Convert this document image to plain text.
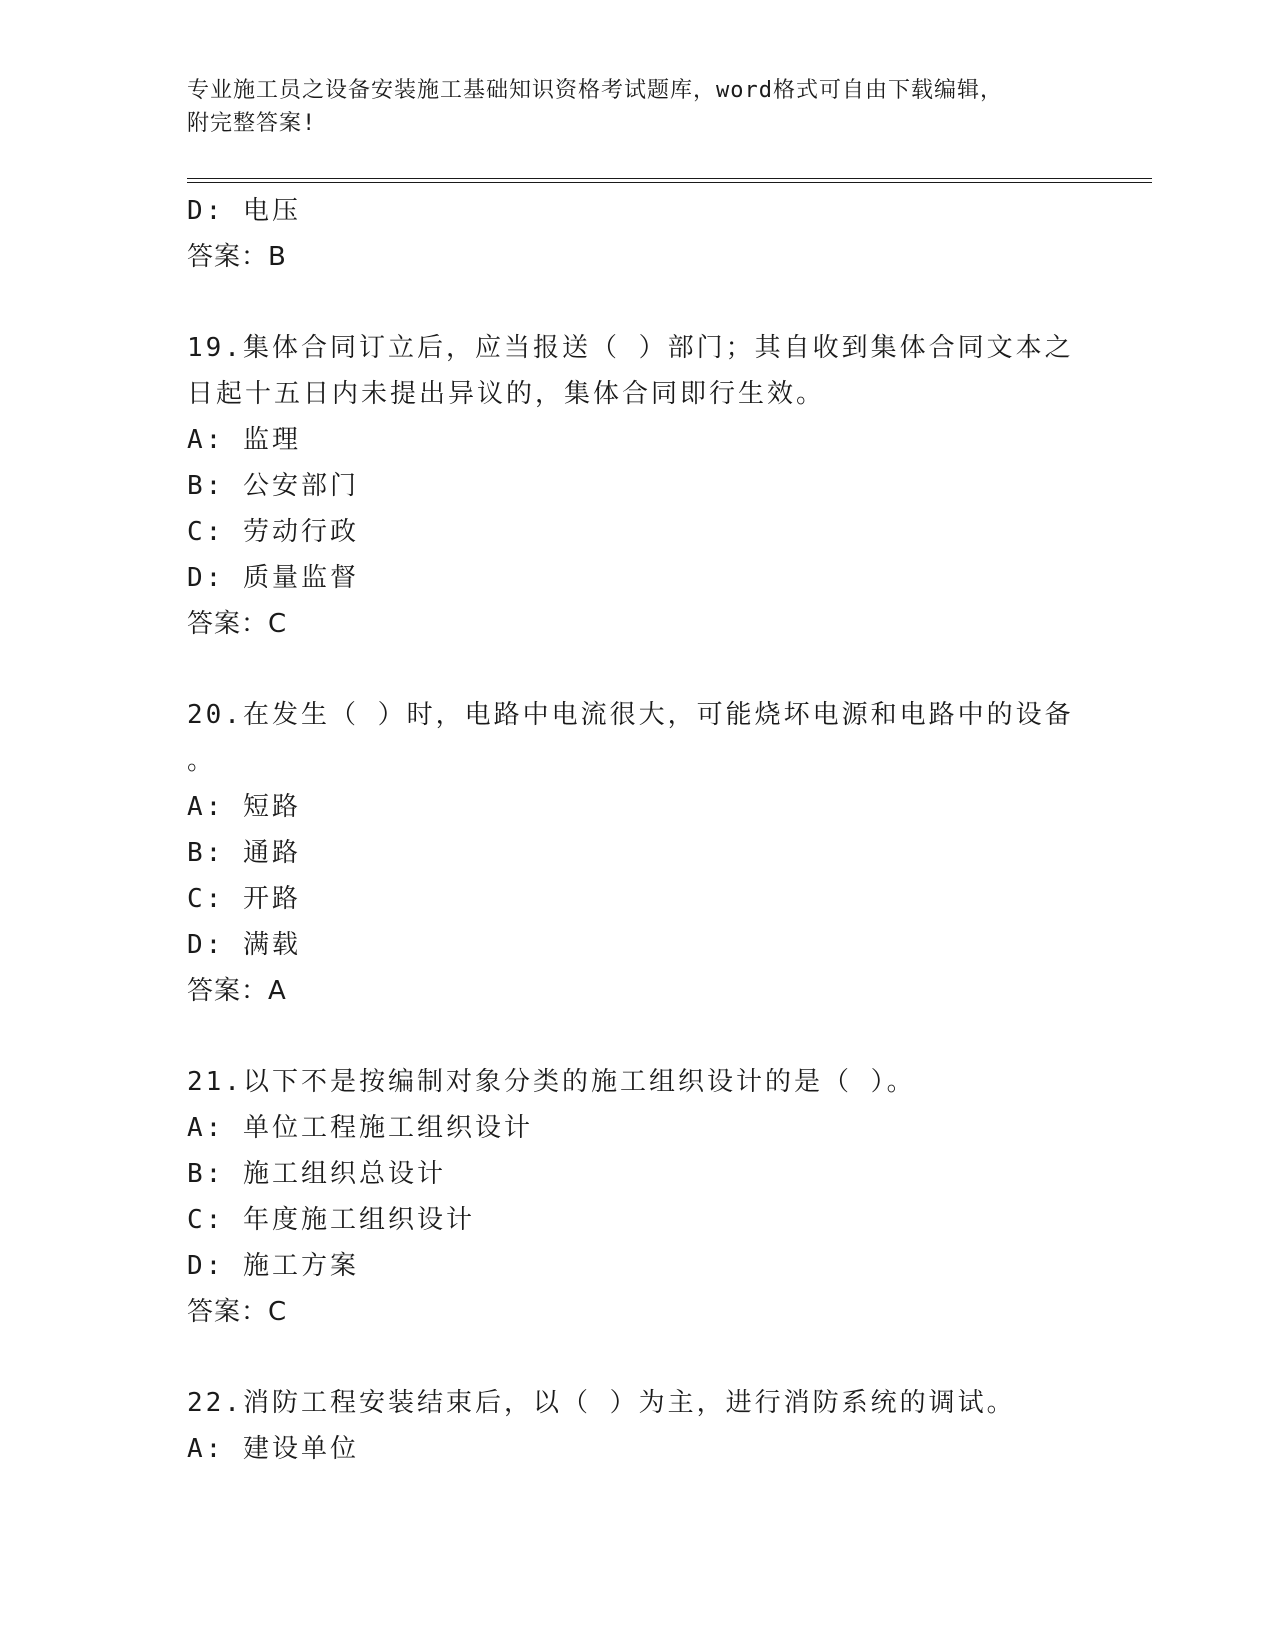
专业施工员之设备安装施工基础知识资格考试题库，word格式可自由下载编辑，
附完整答案!
D: 电压
答案：B
19.集体合同订立后，应当报送（ ）部门；其自收到集体合同文本之
日起十五日内未提出异议的，集体合同即行生效。
A: 监理
B: 公安部门
C: 劳动行政
D: 质量监督
答案：C
20.在发生（ ）时，电路中电流很大，可能烧坏电源和电路中的设备
。
A: 短路
B: 通路
C: 开路
D: 满载
答案：A
21.以下不是按编制对象分类的施工组织设计的是（ ）。
A: 单位工程施工组织设计
B: 施工组织总设计
C: 年度施工组织设计
D: 施工方案
答案：C
22.消防工程安装结束后，以（ ）为主，进行消防系统的调试。
A: 建设单位
